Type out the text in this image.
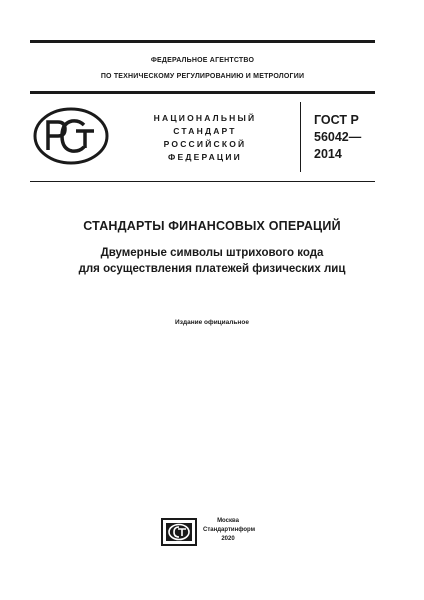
ФЕДЕРАЛЬНОЕ АГЕНТСТВО
ПО ТЕХНИЧЕСКОМУ РЕГУЛИРОВАНИЮ И МЕТРОЛОГИИ
НАЦИОНАЛЬНЫЙ
СТАНДАРТ
РОССИЙСКОЙ
ФЕДЕРАЦИИ
ГОСТ Р
56042—
2014
СТАНДАРТЫ ФИНАНСОВЫХ ОПЕРАЦИЙ
Двумерные символы штрихового кода
для осуществления платежей физических лиц
Издание официальное
Москва
Стандартинформ
2020
